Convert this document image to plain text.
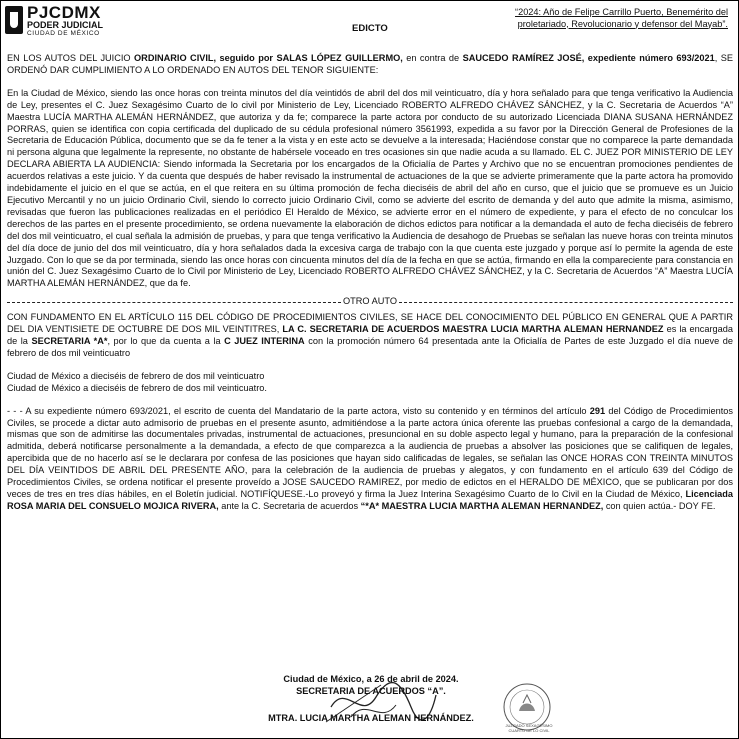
PJCDMX
PODER JUDICIAL
CIUDAD DE MÉXICO	EDICTO
“2024: Año de Felipe Carrillo Puerto, Benemérito del proletariado, Revolucionario y defensor del Mayab”.

EN LOS AUTOS DEL JUICIO ORDINARIO CIVIL, seguido por SALAS LÓPEZ GUILLERMO, en contra de SAUCEDO RAMÍREZ JOSÉ, expediente número 693/2021, SE ORDENÓ DAR CUMPLIMIENTO A LO ORDENADO EN AUTOS DEL TENOR SIGUIENTE:

En la Ciudad de México, siendo las once horas con treinta minutos del día veintidós de abril del dos mil veinticuatro, día y hora señalado para que tenga verificativo la Audiencia de Ley, presentes el C. Juez Sexagésimo Cuarto de lo civil por Ministerio de Ley, Licenciado ROBERTO ALFREDO CHÁVEZ SÁNCHEZ, y la C. Secretaria de Acuerdos “A” Maestra LUCÍA MARTHA ALEMÁN HERNÁNDEZ, que autoriza y da fe; comparece la parte actora por conducto de su autorizado Licenciada DIANA SUSANA HERNÁNDEZ PORRAS, quien se identifica con copia certificada del duplicado de su cédula profesional número 3561993, expedida a su favor por la Dirección General de Profesiones de la Secretaria de Educación Pública, documento que se da fe tener a la vista y en este acto se devuelve a la interesada; Haciéndose constar que no comparece la parte demandada ni persona alguna que legalmente la represente, no obstante de habérsele voceado en tres ocasiones sin que nadie acuda a su llamado. EL C. JUEZ POR MINISTERIO DE LEY DECLARA ABIERTA LA AUDIENCIA: Siendo informada la Secretaria por los encargados de la Oficialía de Partes y Archivo que no se encuentran promociones pendientes de acuerdos relativas a este juicio. Y da cuenta que después de haber revisado la instrumental de actuaciones de la que se advierte primeramente que la parte actora ha promovido indebidamente el juicio en el que se actúa, en el que reitera en su última promoción de fecha dieciséis de abril del año en curso, que el juicio que se promueve es un Juicio Ejecutivo Mercantil y no un juicio Ordinario Civil, siendo lo correcto juicio Ordinario Civil, como se advierte del escrito de demanda y del auto que admite la misma, asimismo, revisadas que fueron las publicaciones realizadas en el periódico El Heraldo de México, se advierte error en el número de expediente, y para el efecto de no conculcar los derechos de las partes en el presente procedimiento, se ordena nuevamente la elaboración de dichos edictos para notificar a la demandada el auto de fecha dieciséis de febrero del dos mil veinticuatro, el cual señala la admisión de pruebas, y para que tenga verificativo la Audiencia de desahogo de Pruebas se señalan las nueve horas con treinta minutos del día doce de junio del dos mil veinticuatro, día y hora señalados dada la excesiva carga de trabajo con la que cuenta este juzgado y porque así lo permite la agenda de este Juzgado. Con lo que se da por terminada, siendo las once horas con cincuenta minutos del día de la fecha en que se actúa, firmando en ella la compareciente para constancia en unión del C. Juez Sexagésimo Cuarto de lo Civil por Ministerio de Ley, Licenciado ROBERTO ALFREDO CHÁVEZ SÁNCHEZ, y la C. Secretaria de Acuerdos “A” Maestra LUCÍA MARTHA ALEMÁN HERNÁNDEZ, que da fe.

OTRO AUTO

CON FUNDAMENTO EN EL ARTÍCULO 115 DEL CÓDIGO DE PROCEDIMIENTOS CIVILES, SE HACE DEL CONOCIMIENTO DEL PÚBLICO EN GENERAL QUE A PARTIR DEL DIA VENTISIETE DE OCTUBRE DE DOS MIL VEINTITRES, LA C. SECRETARIA DE ACUERDOS MAESTRA LUCIA MARTHA ALEMAN HERNANDEZ es la encargada de la SECRETARIA *A*, por lo que da cuenta a la C JUEZ INTERINA con la promoción número 64 presentada ante la Oficialía de Partes de este Juzgado el día nueve de febrero de dos mil veinticuatro

Ciudad de México a dieciséis de febrero de dos mil veinticuatro

Ciudad de México a dieciséis de febrero de dos mil veinticuatro.

- - - A su expediente número 693/2021, el escrito de cuenta del Mandatario de la parte actora, visto su contenido y en términos del artículo 291 del Código de Procedimientos Civiles, se procede a dictar auto admisorio de pruebas en el presente asunto, admitiéndose a la parte actora única oferente las pruebas confesional a cargo de la demandada, mismas que son de admitirse las documentales privadas, instrumental de actuaciones, presuncional en su doble aspecto legal y humano, para la preparación de la confesional admitida, deberá notificarse personalmente a la demandada, a efecto de que comparezca a la audiencia de pruebas a absolver las posiciones que se califiquen de legales, apercibida que de no hacerlo así se le declarara por confesa de las posiciones que hayan sido calificadas de legales, se señalan las ONCE HORAS CON TREINTA MINUTOS DEL DÍA VEINTIDOS DE ABRIL DEL PRESENTE AÑO, para la celebración de la audiencia de pruebas y alegatos, y con fundamento en el artículo 639 del Código de Procedimientos Civiles, se ordena notificar el presente proveído a JOSE SAUCEDO RAMIREZ, por medio de edictos en el HERALDO DE MÉXICO, que se publicaran por dos veces de tres en tres días hábiles, en el Boletín judicial. NOTIFÍQUESE.-Lo proveyó y firma la Juez Interina Sexagésimo Cuarto de lo Civil en la Ciudad de México, Licenciada ROSA MARIA DEL CONSUELO MOJICA RIVERA, ante la C. Secretaria de acuerdos “*A* MAESTRA LUCIA MARTHA ALEMAN HERNANDEZ, con quien actúa.- DOY FE.

Ciudad de México, a 26 de abril de 2024.
SECRETARIA DE ACUERDOS “A”.
MTRA. LUCIA MARTHA ALEMAN HERNÁNDEZ.
JUZGADO SEXAGÉSIMO CUARTO DE LO CIVIL
